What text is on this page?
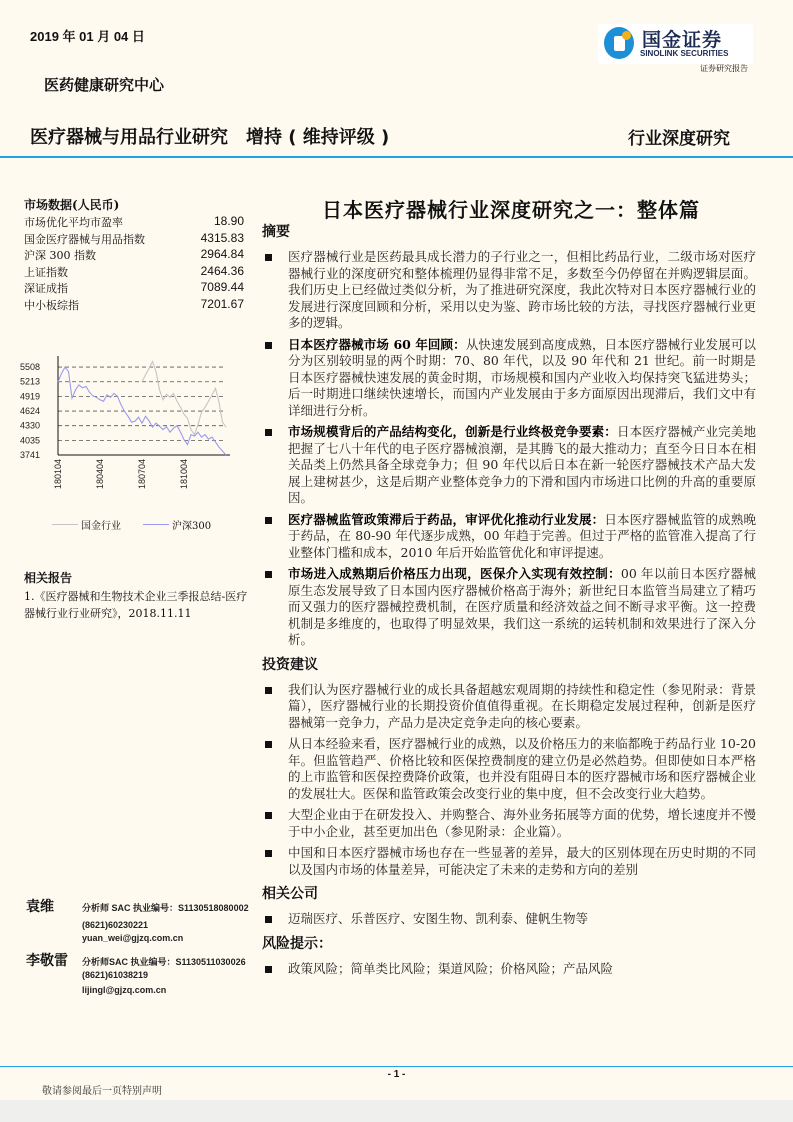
2019 年 01 月 04 日	国金证券
SINOLINK SECURITIES
证券研究报告
医药健康研究中心
医疗器械与用品行业研究　增持 ( 维持评级 )	行业深度研究
市场数据(人民币)
市场优化平均市盈率	18.90
国金医疗器械与用品指数	4315.83
沪深 300 指数	2964.84
上证指数	2464.36
深证成指	7089.44
中小板综指	7201.67
5508
5213
4919
4624
4330
4035
3741
180104	180404	180704	181004
国金行业	沪深300
相关报告
1.《医疗器械和生物技术企业三季报总结-医疗器械行业行业研究》，2018.11.11
袁维	分析师 SAC 执业编号：S1130518080002
(8621)60230221
yuan_wei@gjzq.com.cn
李敬雷 分析师SAC 执业编号：S1130511030026
(8621)61038219
lijingl@gjzq.com.cn
日本医疗器械行业深度研究之一：整体篇
摘要
医疗器械行业是医药最具成长潜力的子行业之一，但相比药品行业，二级市场对医疗器械行业的深度研究和整体梳理仍显得非常不足，多数至今仍停留在并购逻辑层面。我们历史上已经做过类似分析，为了推进研究深度，我此次特对日本医疗器械行业的发展进行深度回顾和分析，采用以史为鉴、跨市场比较的方法，寻找医疗器械行业更多的逻辑。
日本医疗器械市场 60 年回顾：从快速发展到高度成熟，日本医疗器械行业发展可以分为区别较明显的两个时期：70、80 年代，以及 90 年代和 21 世纪。前一时期是日本医疗器械快速发展的黄金时期，市场规模和国内产业收入均保持突飞猛进势头；后一时期进口继续快速增长，而国内产业发展由于多方面原因出现滞后，我们文中有详细进行分析。
市场规模背后的产品结构变化，创新是行业终极竞争要素：日本医疗器械产业完美地把握了七八十年代的电子医疗器械浪潮，是其腾飞的最大推动力；直至今日日本在相关品类上仍然具备全球竞争力；但 90 年代以后日本在新一轮医疗器械技术产品大发展上建树甚少，这是后期产业整体竞争力的下滑和国内市场进口比例的升高的重要原因。
医疗器械监管政策滞后于药品，审评优化推动行业发展：日本医疗器械监管的成熟晚于药品，在 80-90 年代逐步成熟，00 年趋于完善。但过于严格的监管准入提高了行业整体门槛和成本，2010 年后开始监管优化和审评提速。
市场进入成熟期后价格压力出现，医保介入实现有效控制：00 年以前日本医疗器械原生态发展导致了日本国内医疗器械价格高于海外；新世纪日本监管当局建立了精巧而又强力的医疗器械控费机制，在医疗质量和经济效益之间不断寻求平衡。这一控费机制是多维度的，也取得了明显效果，我们这一系统的运转机制和效果进行了深入分析。
投资建议
我们认为医疗器械行业的成长具备超越宏观周期的持续性和稳定性（参见附录：背景篇），医疗器械行业的长期投资价值值得重视。在长期稳定发展过程种，创新是医疗器械第一竞争力，产品力是决定竞争走向的核心要素。
从日本经验来看，医疗器械行业的成熟，以及价格压力的来临都晚于药品行业 10-20 年。但监管趋严、价格比较和医保控费制度的建立仍是必然趋势。但即使如日本严格的上市监管和医保控费降价政策，也并没有阻碍日本的医疗器械市场和医疗器械企业的发展壮大。医保和监管政策会改变行业的集中度，但不会改变行业大趋势。
大型企业由于在研发投入、并购整合、海外业务拓展等方面的优势，增长速度并不慢于中小企业，甚至更加出色（参见附录：企业篇）。
中国和日本医疗器械市场也存在一些显著的差异，最大的区别体现在历史时期的不同以及国内市场的体量差异，可能决定了未来的走势和方向的差别
相关公司
迈瑞医疗、乐普医疗、安图生物、凯利泰、健帆生物等
风险提示：
政策风险；简单类比风险；渠道风险；价格风险；产品风险
- 1 -
敬请参阅最后一页特别声明
